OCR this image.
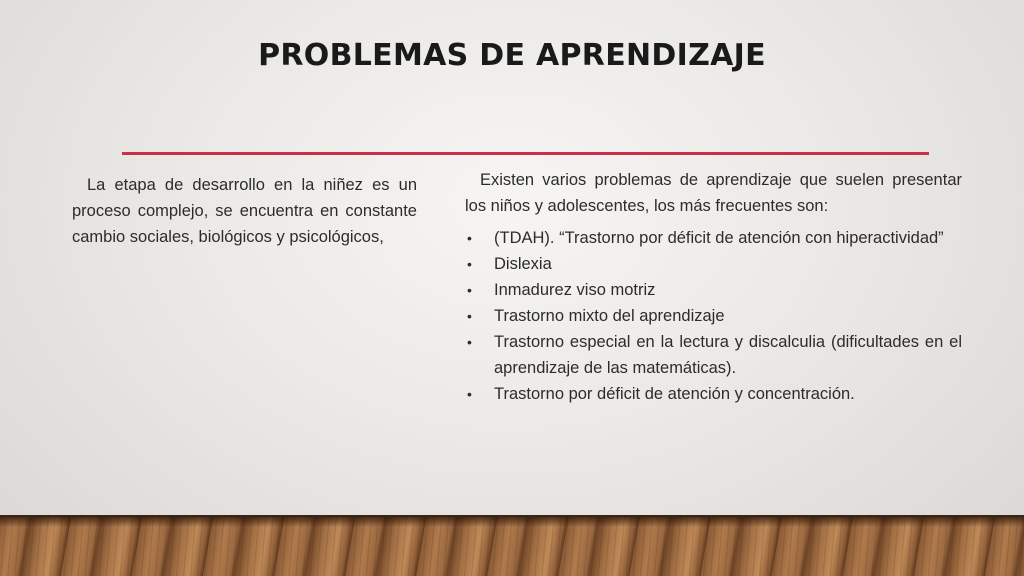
PROBLEMAS DE APRENDIZAJE
La etapa de desarrollo en la niñez es un proceso complejo, se encuentra en constante cambio sociales, biológicos y psicológicos,

Existen varios problemas de aprendizaje que suelen presentar los niños y adolescentes, los más frecuentes son:

• (TDAH). “Trastorno por déficit de atención con hiperactividad”
• Dislexia
• Inmadurez viso motriz
• Trastorno mixto del aprendizaje
• Trastorno especial en la lectura y discalculia (dificultades en el aprendizaje de las matemáticas).
• Trastorno por déficit de atención y concentración.
